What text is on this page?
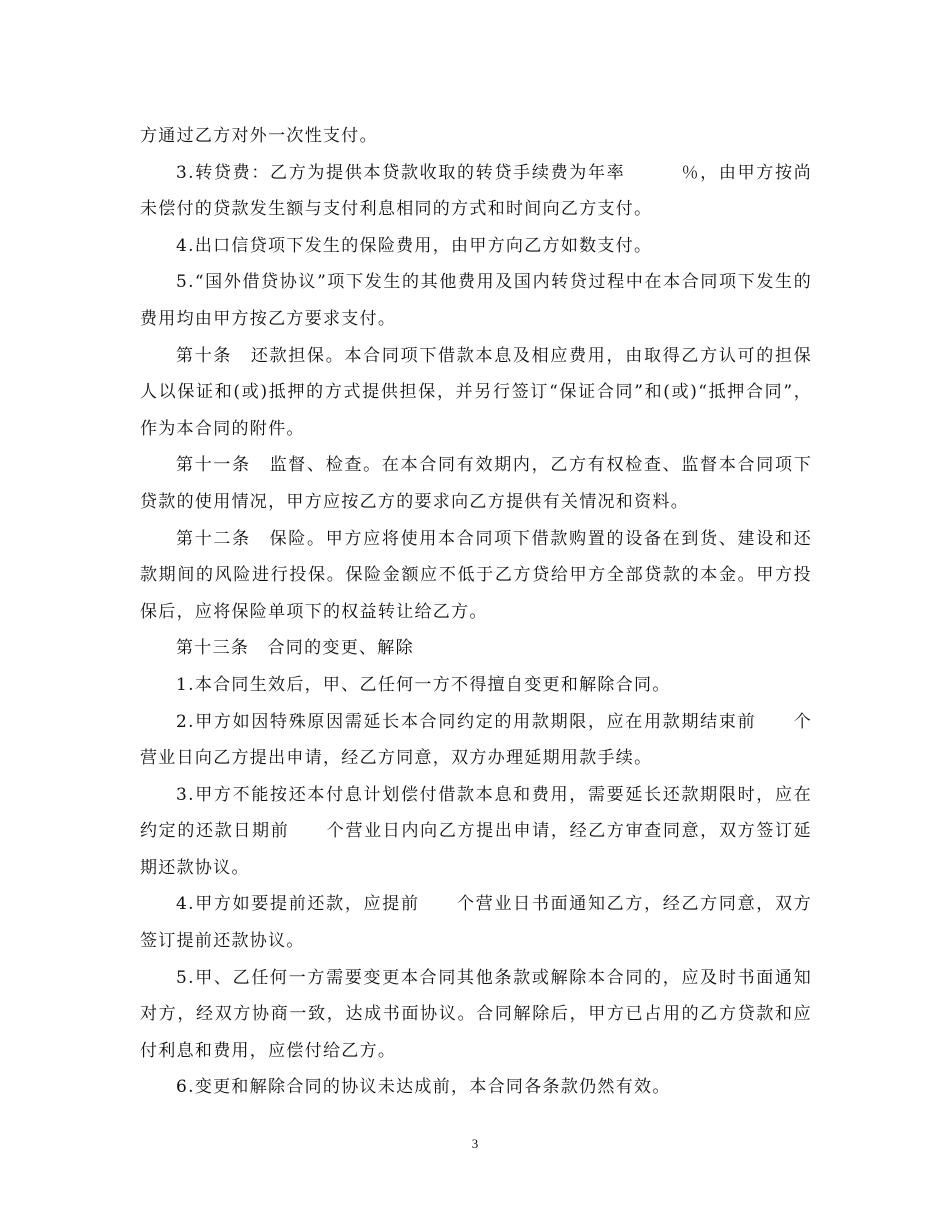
方通过乙方对外一次性支付。

3.转贷费：乙方为提供本贷款收取的转贷手续费为年率　　　％，由甲方按尚未偿付的贷款发生额与支付利息相同的方式和时间向乙方支付。

4.出口信贷项下发生的保险费用，由甲方向乙方如数支付。

5.“国外借贷协议”项下发生的其他费用及国内转贷过程中在本合同项下发生的费用均由甲方按乙方要求支付。

第十条　还款担保。本合同项下借款本息及相应费用，由取得乙方认可的担保人以保证和(或)抵押的方式提供担保，并另行签订“保证合同”和(或)“抵押合同”，作为本合同的附件。

第十一条　监督、检查。在本合同有效期内，乙方有权检查、监督本合同项下贷款的使用情况，甲方应按乙方的要求向乙方提供有关情况和资料。

第十二条　保险。甲方应将使用本合同项下借款购置的设备在到货、建设和还款期间的风险进行投保。保险金额应不低于乙方贷给甲方全部贷款的本金。甲方投保后，应将保险单项下的权益转让给乙方。

第十三条　合同的变更、解除

1.本合同生效后，甲、乙任何一方不得擅自变更和解除合同。

2.甲方如因特殊原因需延长本合同约定的用款期限，应在用款期结束前　　个营业日向乙方提出申请，经乙方同意，双方办理延期用款手续。

3.甲方不能按还本付息计划偿付借款本息和费用，需要延长还款期限时，应在约定的还款日期前　　个营业日内向乙方提出申请，经乙方审查同意，双方签订延期还款协议。

4.甲方如要提前还款，应提前　　个营业日书面通知乙方，经乙方同意，双方签订提前还款协议。

5.甲、乙任何一方需要变更本合同其他条款或解除本合同的，应及时书面通知对方，经双方协商一致，达成书面协议。合同解除后，甲方已占用的乙方贷款和应付利息和费用，应偿付给乙方。

6.变更和解除合同的协议未达成前，本合同各条款仍然有效。

3
